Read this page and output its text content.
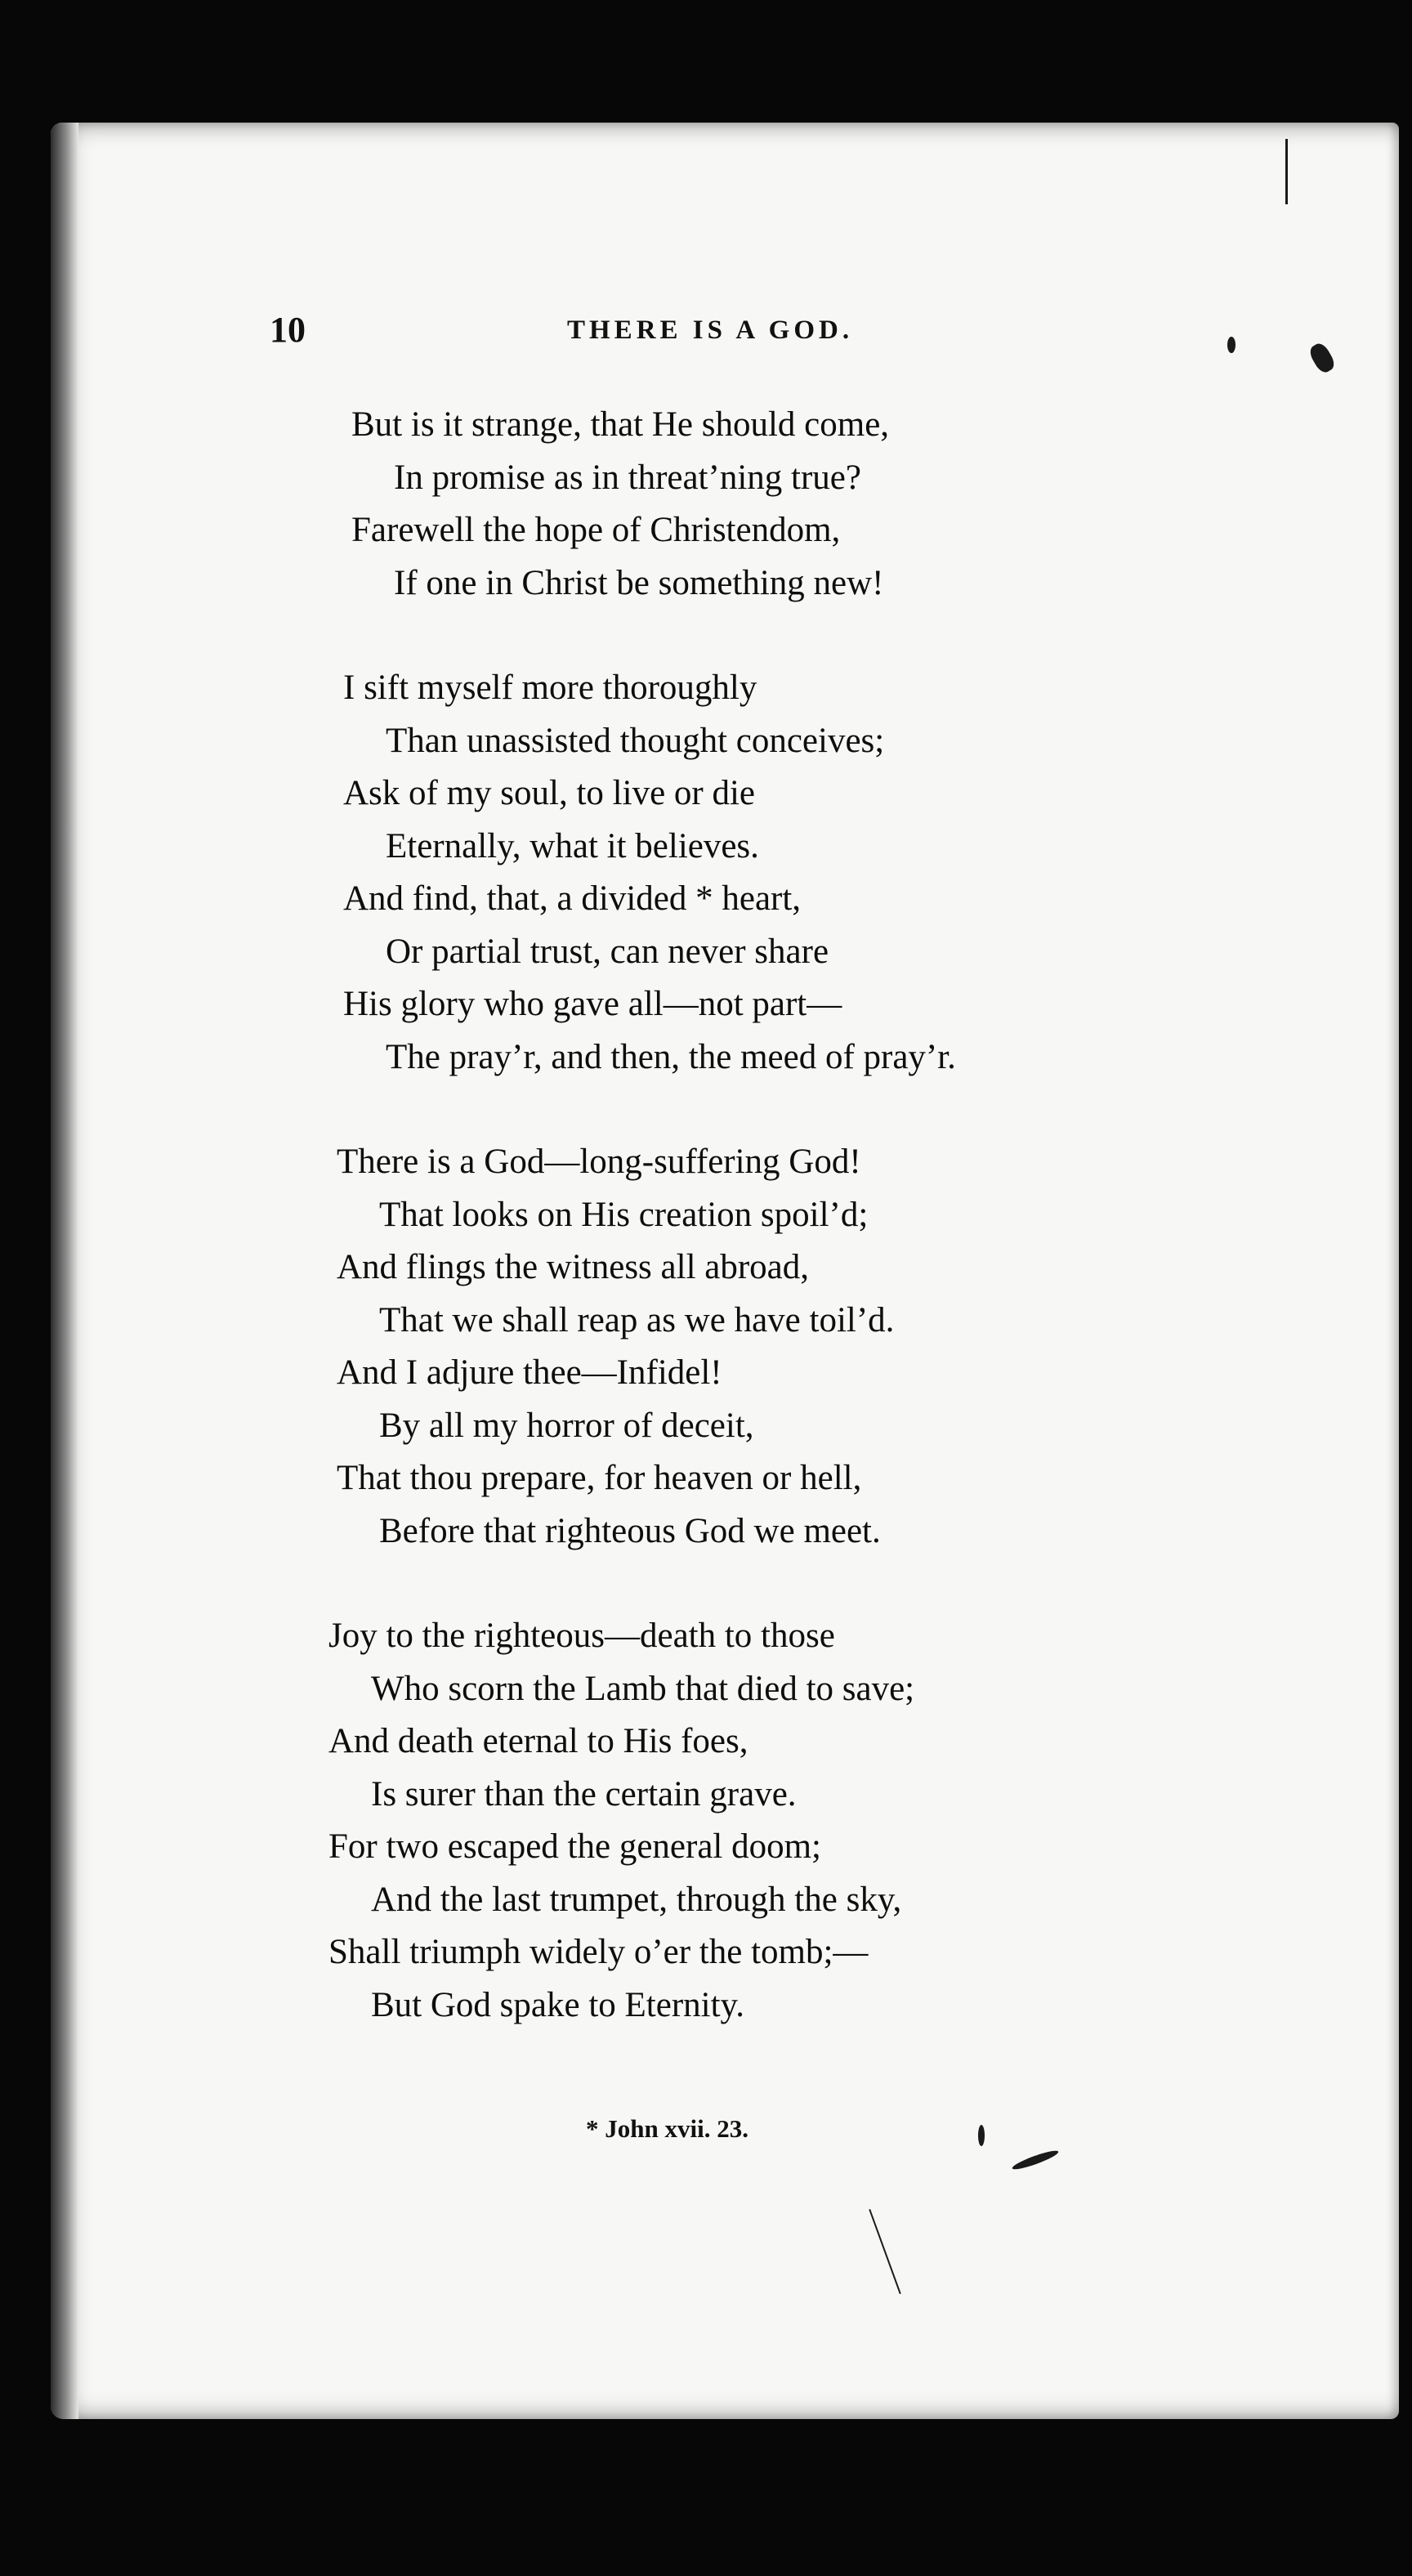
10	THERE IS A GOD.
But is it strange, that He should come,
In promise as in threat’ning true?
Farewell the hope of Christendom,
If one in Christ be something new!
I sift myself more thoroughly
Than unassisted thought conceives;
Ask of my soul, to live or die
Eternally, what it believes.
And find, that, a divided * heart,
Or partial trust, can never share
His glory who gave all—not part—
The pray’r, and then, the meed of pray’r.
There is a God—long-suffering God!
That looks on His creation spoil’d;
And flings the witness all abroad,
That we shall reap as we have toil’d.
And I adjure thee—Infidel!
By all my horror of deceit,
That thou prepare, for heaven or hell,
Before that righteous God we meet.
Joy to the righteous—death to those
Who scorn the Lamb that died to save;
And death eternal to His foes,
Is surer than the certain grave.
For two escaped the general doom;
And the last trumpet, through the sky,
Shall triumph widely o’er the tomb;—
But God spake to Eternity.
* John xvii. 23.
